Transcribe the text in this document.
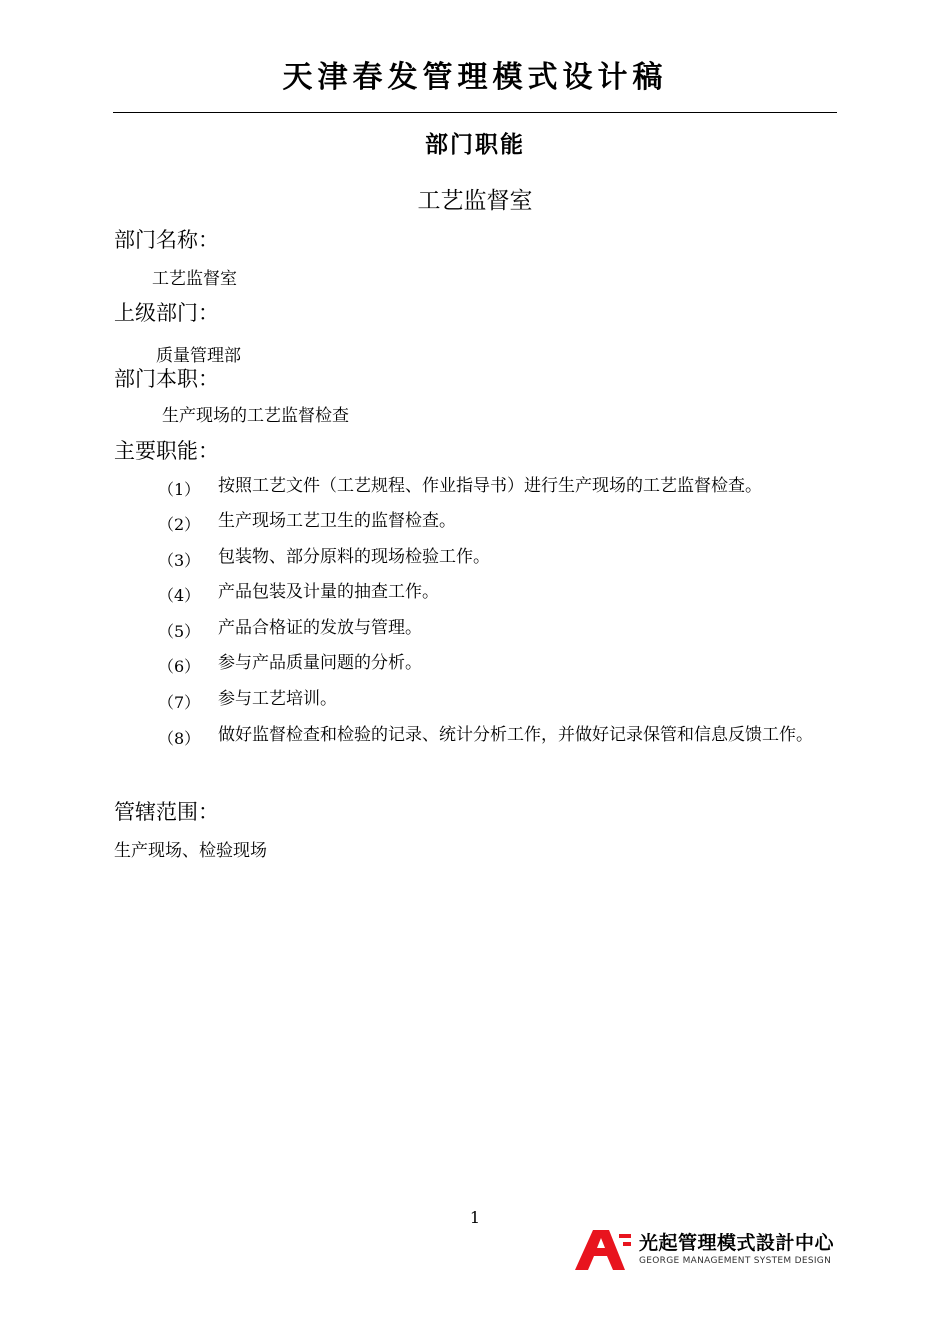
天津春发管理模式设计稿
部门职能
工艺监督室
部门名称：
工艺监督室
上级部门：
质量管理部
部门本职：
生产现场的工艺监督检查
主要职能：
（1） 按照工艺文件（工艺规程、作业指导书）进行生产现场的工艺监督检查。
（2） 生产现场工艺卫生的监督检查。
（3） 包装物、部分原料的现场检验工作。
（4） 产品包装及计量的抽查工作。
（5） 产品合格证的发放与管理。
（6） 参与产品质量问题的分析。
（7） 参与工艺培训。
（8） 做好监督检查和检验的记录、统计分析工作，并做好记录保管和信息反馈工作。
管辖范围：
生产现场、检验现场
1
光起管理模式設計中心
GEORGE MANAGEMENT SYSTEM DESIGN
